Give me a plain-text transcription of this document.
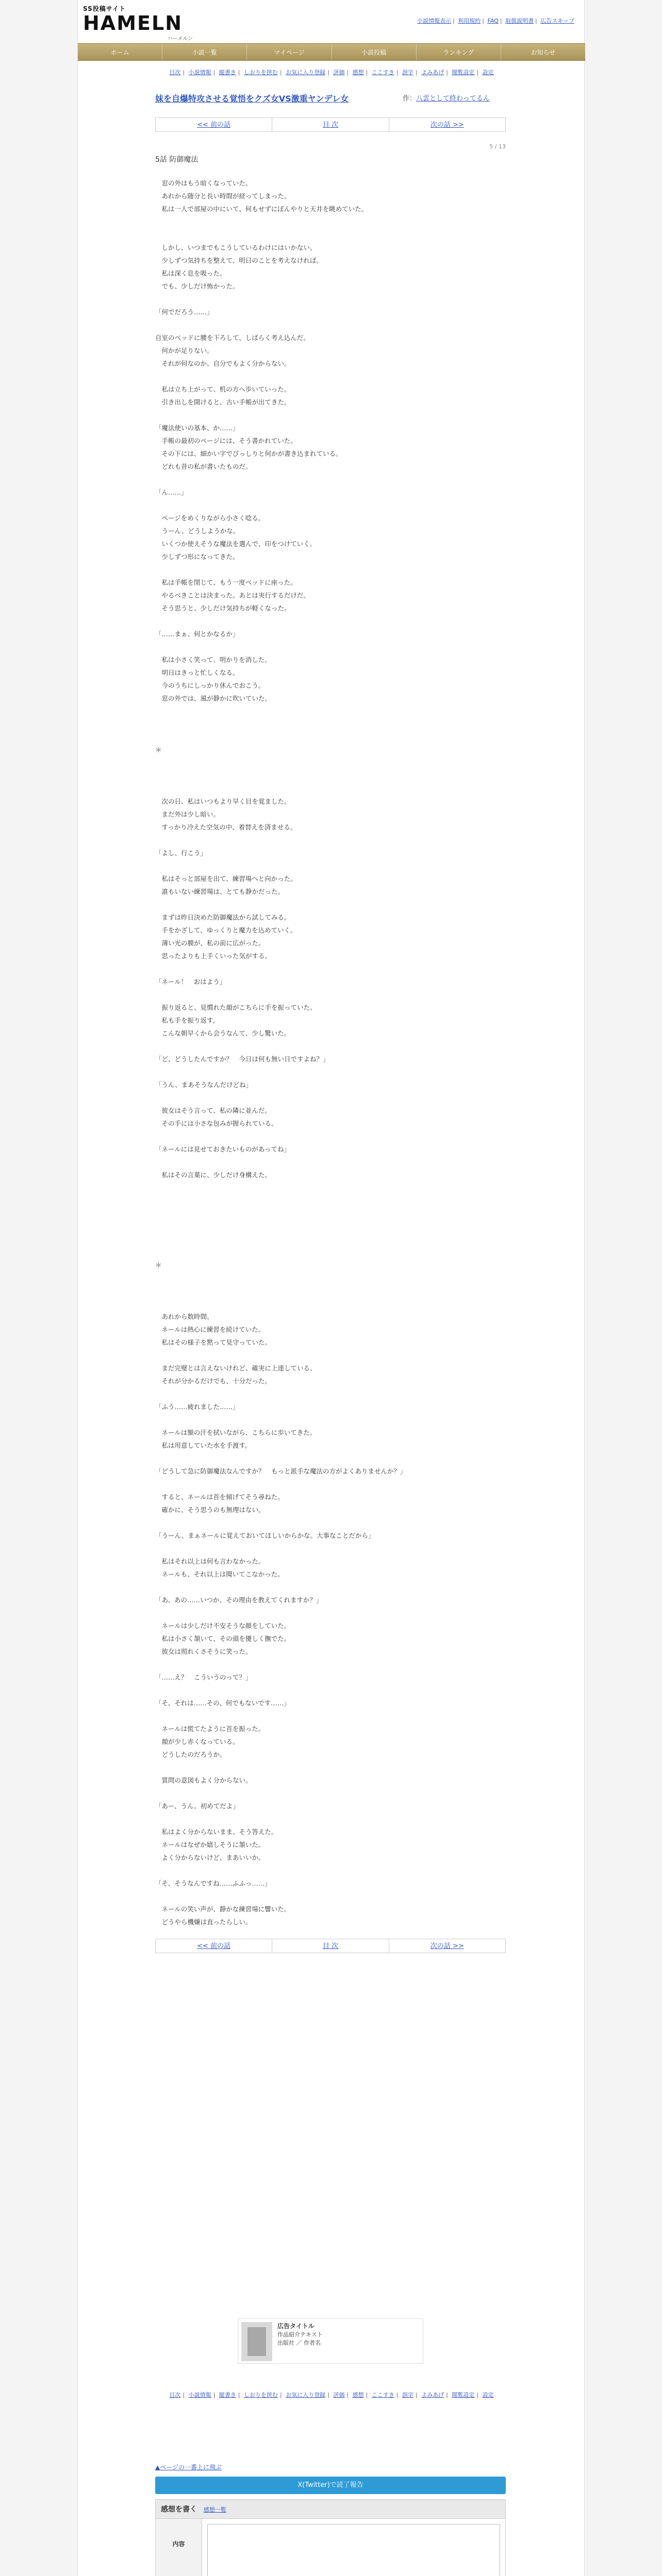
SS投稿サイト
HAMELN
ハーメルン
小説情報表示 | 利用規約 | FAQ | 取扱説明書 | 広告スキップ
ホーム	小説一覧	マイページ	小説投稿	ランキング	お知らせ
目次 | 小説情報 | 縦書き | しおりを挟む | お気に入り登録 | 評価 | 感想 | ここすき | 誤字 | よみあげ | 閲覧設定 | 設定
妹を自爆特攻させる覚悟をクズ女VS激重ヤンデレ女	作：八雲として終わってるん
<< 前の話	目 次	次の話 >>
5 / 13
5話 防御魔法

　窓の外はもう暗くなっていた。

　あれから随分と長い時間が経ってしまった。

　私は一人で部屋の中にいて、何もせずにぼんやりと天井を眺めていた。

　しかし、いつまでもこうしているわけにはいかない。

　少しずつ気持ちを整えて、明日のことを考えなければ。

　私は深く息を吸った。

　でも、少しだけ怖かった。

「何でだろう……」

自室のベッドに腰を下ろして、しばらく考え込んだ。

　何かが足りない。

　それが何なのか、自分でもよく分からない。

　私は立ち上がって、机の方へ歩いていった。

　引き出しを開けると、古い手帳が出てきた。

「魔法使いの基本、か……」

　手帳の最初のページには、そう書かれていた。

　その下には、細かい字でびっしりと何かが書き込まれている。

　どれも昔の私が書いたものだ。

「ん……」

　ページをめくりながら小さく唸る。

　うーん、どうしようかな。

　いくつか使えそうな魔法を選んで、印をつけていく。

　少しずつ形になってきた。

　私は手帳を閉じて、もう一度ベッドに座った。

　やるべきことは決まった。あとは実行するだけだ。

　そう思うと、少しだけ気持ちが軽くなった。

「……まぁ、何とかなるか」

　私は小さく笑って、明かりを消した。

　明日はきっと忙しくなる。

　今のうちにしっかり休んでおこう。

　窓の外では、風が静かに吹いていた。

＊

　次の日、私はいつもより早く目を覚ました。

　まだ外は少し暗い。

　すっかり冷えた空気の中、着替えを済ませる。

「よし、行こう」

　私はそっと部屋を出て、練習場へと向かった。

　誰もいない練習場は、とても静かだった。

　まずは昨日決めた防御魔法から試してみる。

　手をかざして、ゆっくりと魔力を込めていく。

　薄い光の膜が、私の前に広がった。

　思ったよりも上手くいった気がする。

「ネール！　おはよう」

　振り返ると、見慣れた顔がこちらに手を振っていた。

　私も手を振り返す。

　こんな朝早くから会うなんて、少し驚いた。

「ど、どうしたんですか？　今日は何も無い日ですよね？」

「うん、まあそうなんだけどね」

　彼女はそう言って、私の隣に並んだ。

　その手には小さな包みが握られている。

「ネールには見せておきたいものがあってね」

　私はその言葉に、少しだけ身構えた。

＊

　あれから数時間。

　ネールは熱心に練習を続けていた。

　私はその様子を黙って見守っていた。

　まだ完璧とは言えないけれど、確実に上達している。

　それが分かるだけでも、十分だった。

「ふう……疲れました……」

　ネールは額の汗を拭いながら、こちらに歩いてきた。

　私は用意していた水を手渡す。

「どうして急に防御魔法なんですか？　もっと派手な魔法の方がよくありませんか？」

　すると、ネールは首を傾げてそう尋ねた。

　確かに、そう思うのも無理はない。

「うーん、まぁネールに覚えておいてほしいからかな。大事なことだから」

　私はそれ以上は何も言わなかった。

　ネールも、それ以上は聞いてこなかった。

「あ、あの……いつか、その理由を教えてくれますか？」

　ネールは少しだけ不安そうな顔をしていた。

　私は小さく頷いて、その頭を優しく撫でた。

　彼女は照れくさそうに笑った。

「……え？　こういうのって？」

「そ、それは……その、何でもないです……」

　ネールは慌てたように首を振った。

　顔が少し赤くなっている。

　どうしたのだろうか。

　質問の意図もよく分からない。

「あー、うん。初めてだよ」

　私はよく分からないまま、そう答えた。

　ネールはなぜか嬉しそうに頷いた。

　よく分からないけど、まあいいか。

「そ、そうなんですね……ふふっ……」

　ネールの笑い声が、静かな練習場に響いた。

　どうやら機嫌は直ったらしい。

<< 前の話	目 次	次の話 >>
広告タイトル
作品紹介テキスト
出版社 ／ 作者名
目次 | 小説情報 | 縦書き | しおりを挟む | お気に入り登録 | 評価 | 感想 | ここすき | 誤字 | よみあげ | 閲覧設定 | 設定
▲ページの一番上に飛ぶ
X(Twitter)で読了報告
感想を書く 感想一覧
内容
